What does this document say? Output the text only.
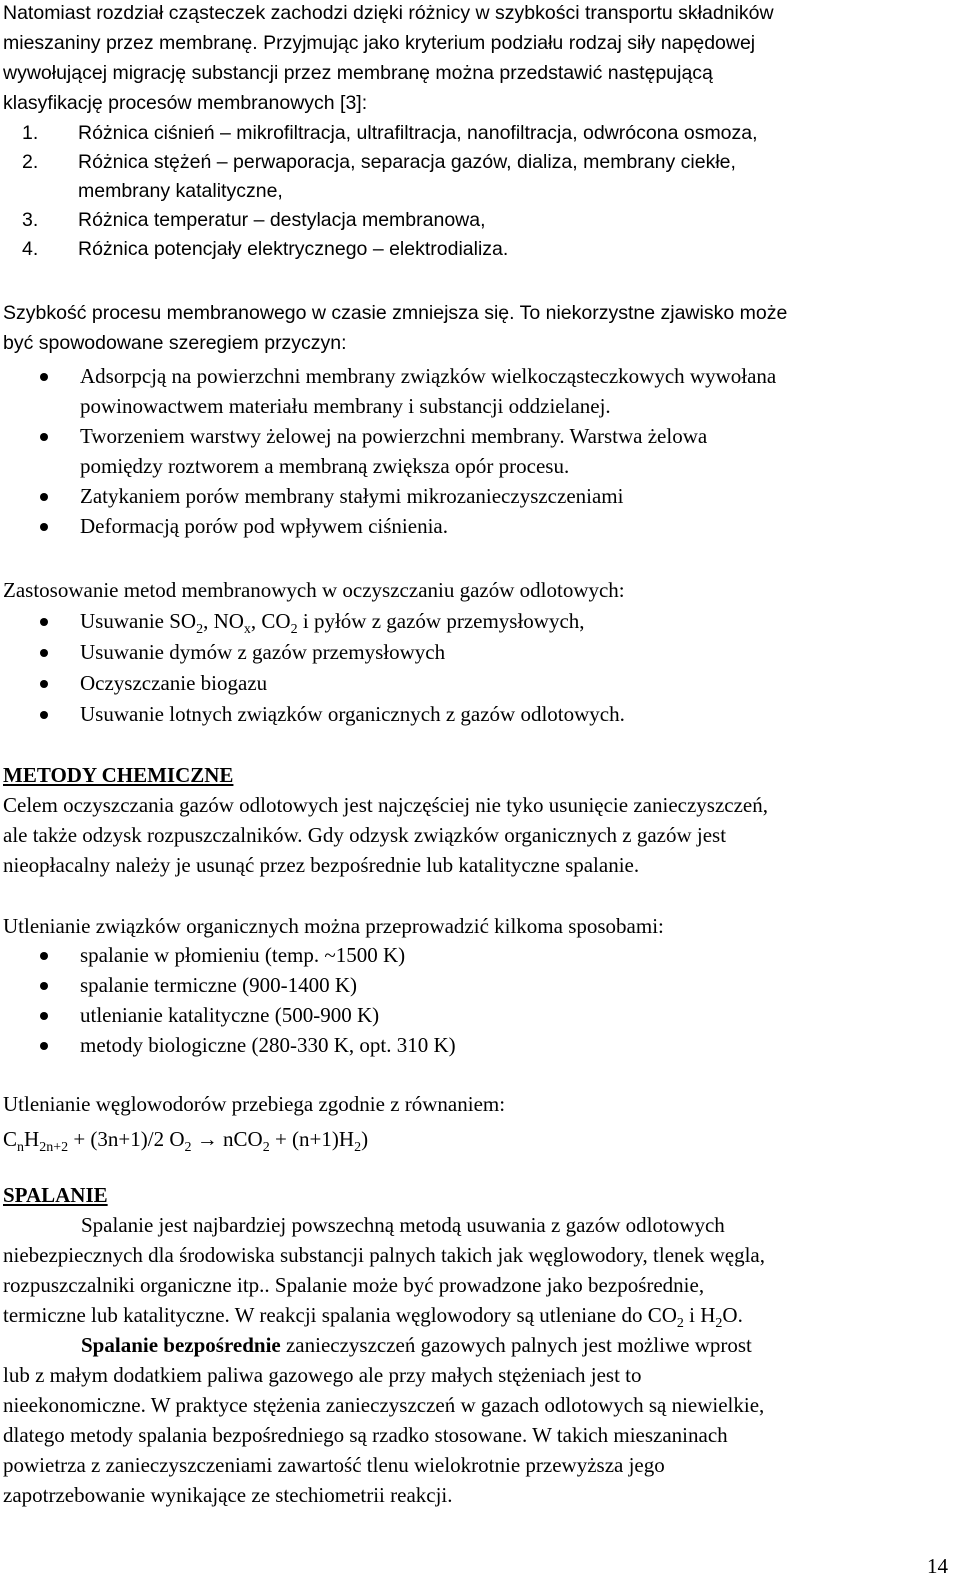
Natomiast rozdział cząsteczek zachodzi dzięki różnicy w szybkości transportu składników
mieszaniny przez membranę. Przyjmując jako kryterium podziału rodzaj siły napędowej
wywołującej migrację substancji przez membranę można przedstawić następującą
klasyfikację procesów membranowych [3]:
1. Różnica ciśnień – mikrofiltracja, ultrafiltracja, nanofiltracja, odwrócona osmoza,
2. Różnica stężeń – perwaporacja, separacja gazów, dializa, membrany ciekłe,
membrany katalityczne,
3. Różnica temperatur – destylacja membranowa,
4. Różnica potencjały elektrycznego – elektrodializa.
Szybkość procesu membranowego w czasie zmniejsza się. To niekorzystne zjawisko może
być spowodowane szeregiem przyczyn:
Adsorpcją na powierzchni membrany związków wielkocząsteczkowych wywołana
powinowactwem materiału membrany i substancji oddzielanej.
Tworzeniem warstwy żelowej na powierzchni membrany. Warstwa żelowa
pomiędzy roztworem a membraną zwiększa opór procesu.
Zatykaniem porów membrany stałymi mikrozanieczyszczeniami
Deformacją porów pod wpływem ciśnienia.
Zastosowanie metod membranowych w oczyszczaniu gazów odlotowych:
Usuwanie $SO_2$, $NO_x$, $CO_2$ i pyłów z gazów przemysłowych,
Usuwanie dymów z gazów przemysłowych
Oczyszczanie biogazu
Usuwanie lotnych związków organicznych z gazów odlotowych.
METODY CHEMICZNE
Celem oczyszczania gazów odlotowych jest najczęściej nie tyko usunięcie zanieczyszczeń,
ale także odzysk rozpuszczalników. Gdy odzysk związków organicznych z gazów jest
nieopłacalny należy je usunąć przez bezpośrednie lub katalityczne spalanie.
Utlenianie związków organicznych można przeprowadzić kilkoma sposobami:
spalanie w płomieniu (temp. ~1500 K)
spalanie termiczne (900-1400 K)
utlenianie katalityczne (500-900 K)
metody biologiczne (280-330 K, opt. 310 K)
Utlenianie węglowodorów przebiega zgodnie z równaniem:
$C_nH_{2n+2} + (3n+1)/2$ $O_2 \to nCO_2 + (n+1)H_2$)
SPALANIE
Spalanie jest najbardziej powszechną metodą usuwania z gazów odlotowych
niebezpiecznych dla środowiska substancji palnych takich jak węglowodory, tlenek węgla,
rozpuszczalniki organiczne itp.. Spalanie może być prowadzone jako bezpośrednie,
termiczne lub katalityczne. W reakcji spalania węglowodory są utleniane do $CO_2$ i $H_2O$.
Spalanie bezpośrednie zanieczyszczeń gazowych palnych jest możliwe wprost
lub z małym dodatkiem paliwa gazowego ale przy małych stężeniach jest to
nieekonomiczne. W praktyce stężenia zanieczyszczeń w gazach odlotowych są niewielkie,
dlatego metody spalania bezpośredniego są rzadko stosowane. W takich mieszaninach
powietrza z zanieczyszczeniami zawartość tlenu wielokrotnie przewyższa jego
zapotrzebowanie wynikające ze stechiometrii reakcji.
14
